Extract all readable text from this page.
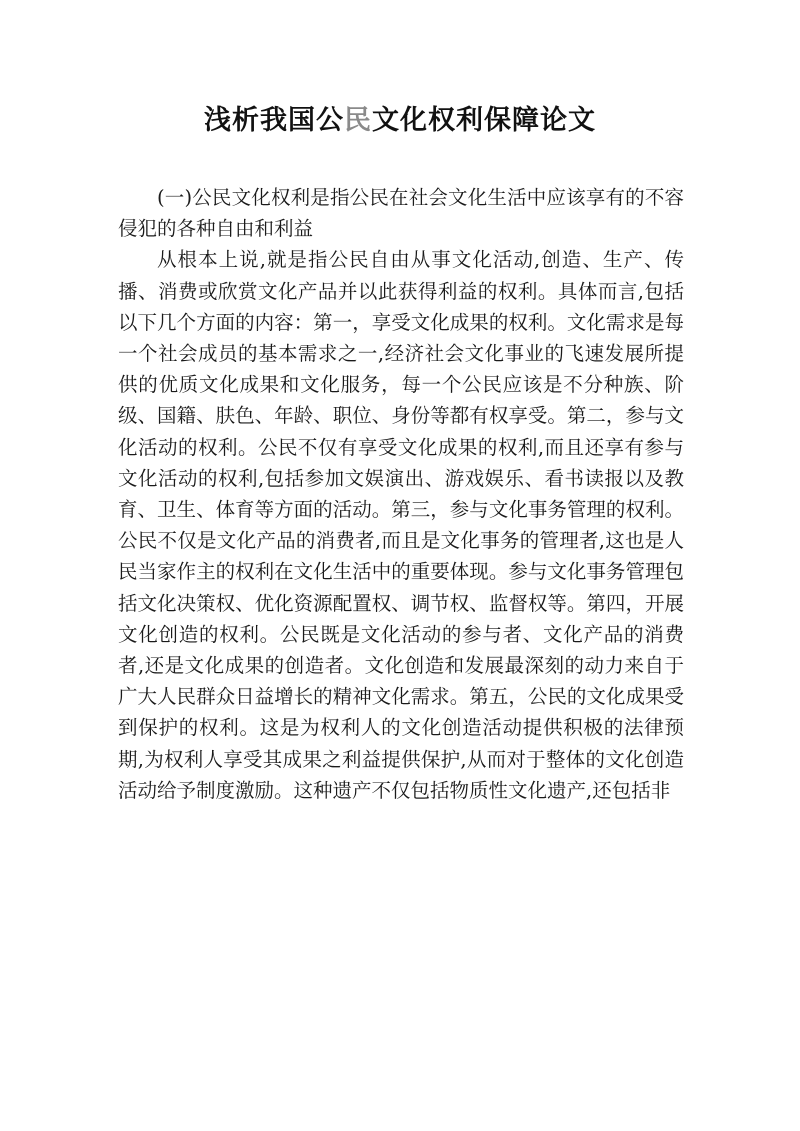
浅析我国公民文化权利保障论文

(一)公民文化权利是指公民在社会文化生活中应该享有的不容侵犯的各种自由和利益

从根本上说,就是指公民自由从事文化活动,创造、生产、传播、消费或欣赏文化产品并以此获得利益的权利。具体而言,包括以下几个方面的内容：第一，享受文化成果的权利。文化需求是每一个社会成员的基本需求之一,经济社会文化事业的飞速发展所提供的优质文化成果和文化服务，每一个公民应该是不分种族、阶级、国籍、肤色、年龄、职位、身份等都有权享受。第二，参与文化活动的权利。公民不仅有享受文化成果的权利,而且还享有参与文化活动的权利,包括参加文娱演出、游戏娱乐、看书读报以及教育、卫生、体育等方面的活动。第三，参与文化事务管理的权利。公民不仅是文化产品的消费者,而且是文化事务的管理者,这也是人民当家作主的权利在文化生活中的重要体现。参与文化事务管理包括文化决策权、优化资源配置权、调节权、监督权等。第四，开展文化创造的权利。公民既是文化活动的参与者、文化产品的消费者,还是文化成果的创造者。文化创造和发展最深刻的动力来自于广大人民群众日益增长的精神文化需求。第五，公民的文化成果受到保护的权利。这是为权利人的文化创造活动提供积极的法律预期,为权利人享受其成果之利益提供保护,从而对于整体的文化创造活动给予制度激励。这种遗产不仅包括物质性文化遗产,还包括非
